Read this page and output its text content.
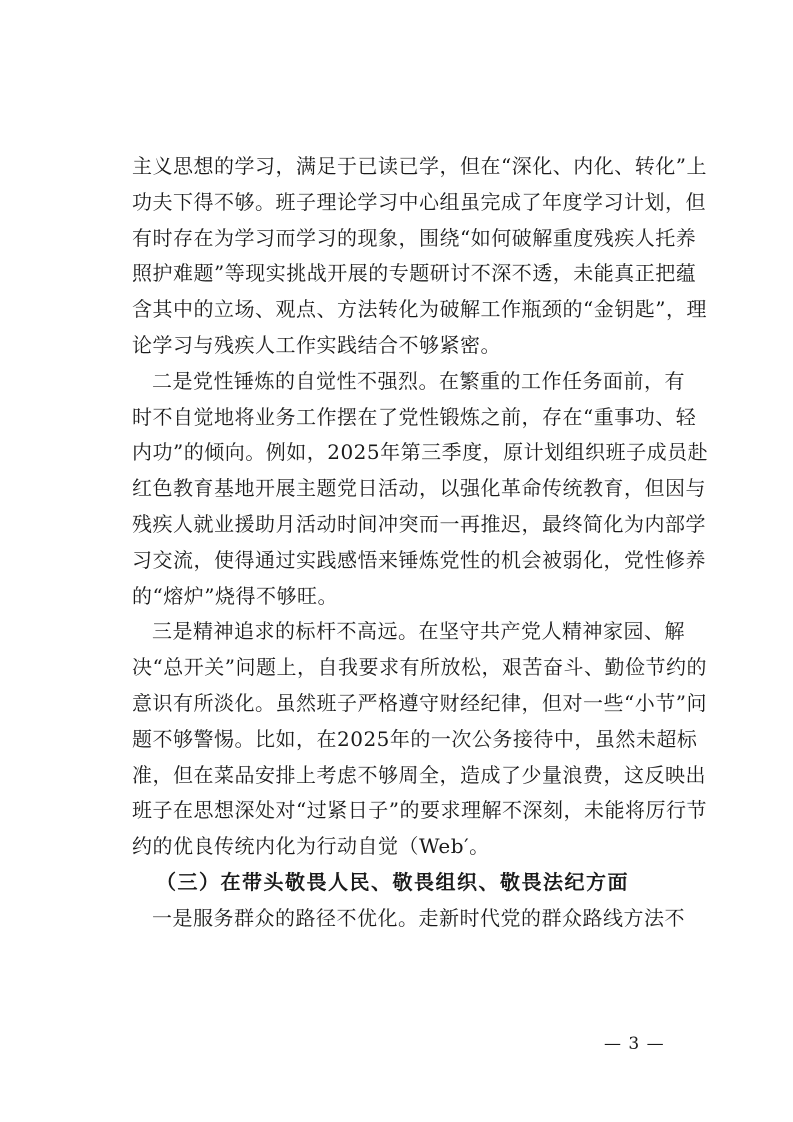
主义思想的学习，满足于已读已学，但在“深化、内化、转化”上
功夫下得不够。班子理论学习中心组虽完成了年度学习计划，但
有时存在为学习而学习的现象，围绕“如何破解重度残疾人托养
照护难题”等现实挑战开展的专题研讨不深不透，未能真正把蕴
含其中的立场、观点、方法转化为破解工作瓶颈的“金钥匙”，理
论学习与残疾人工作实践结合不够紧密。
二是党性锤炼的自觉性不强烈。在繁重的工作任务面前，有
时不自觉地将业务工作摆在了党性锻炼之前，存在“重事功、轻
内功”的倾向。例如，2025年第三季度，原计划组织班子成员赴
红色教育基地开展主题党日活动，以强化革命传统教育，但因与
残疾人就业援助月活动时间冲突而一再推迟，最终简化为内部学
习交流，使得通过实践感悟来锤炼党性的机会被弱化，党性修养
的“熔炉”烧得不够旺。
三是精神追求的标杆不高远。在坚守共产党人精神家园、解
决“总开关”问题上，自我要求有所放松，艰苦奋斗、勤俭节约的
意识有所淡化。虽然班子严格遵守财经纪律，但对一些“小节”问
题不够警惕。比如，在2025年的一次公务接待中，虽然未超标
准，但在菜品安排上考虑不够周全，造成了少量浪费，这反映出
班子在思想深处对“过紧日子”的要求理解不深刻，未能将厉行节
约的优良传统内化为行动自觉（Web′。
（三）在带头敬畏人民、敬畏组织、敬畏法纪方面
一是服务群众的路径不优化。走新时代党的群众路线方法不
— 3 —
